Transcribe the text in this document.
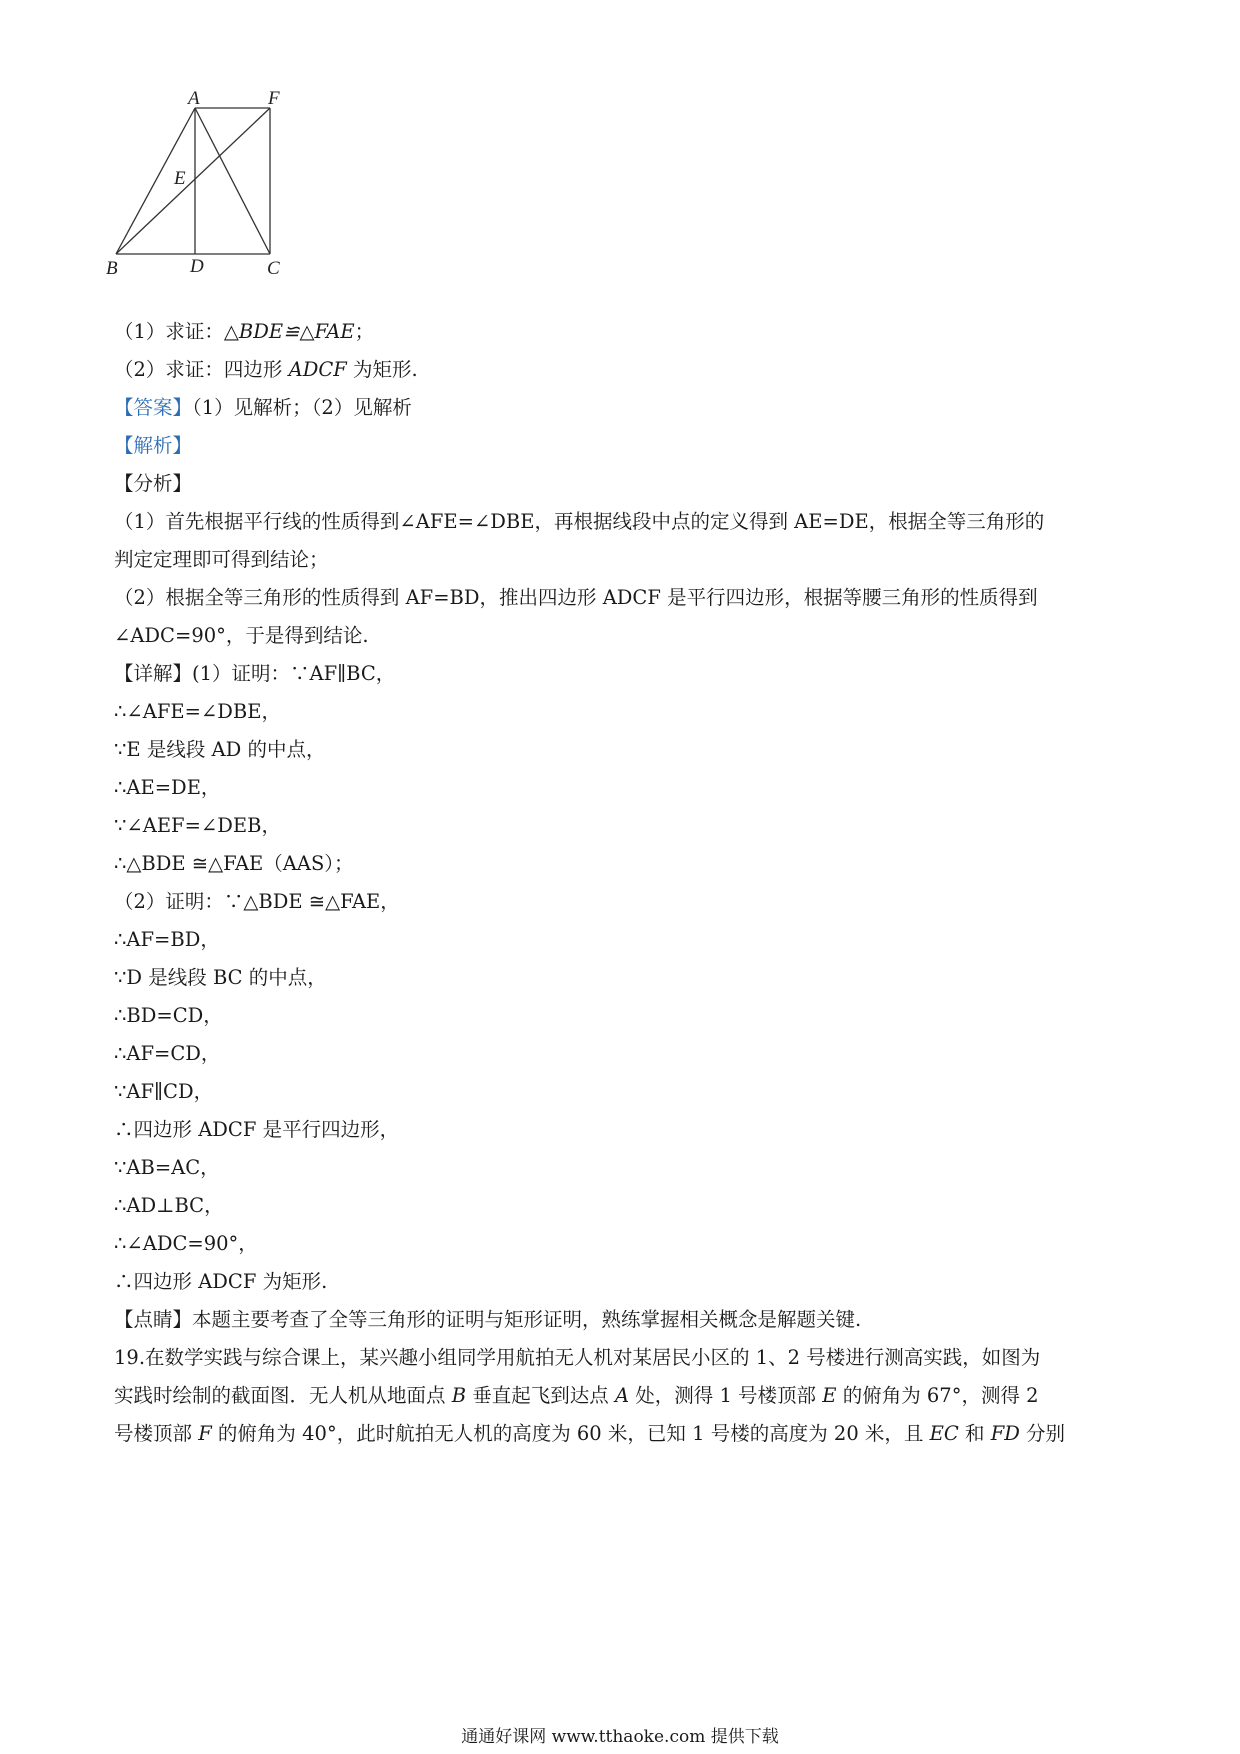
A	F
E
B	D	C
（1）求证：△BDE≌△FAE；
（2）求证：四边形 ADCF 为矩形.
【答案】（1）见解析；（2）见解析
【解析】
【分析】
（1）首先根据平行线的性质得到∠AFE=∠DBE，再根据线段中点的定义得到 AE=DE，根据全等三角形的
判定定理即可得到结论；
（2）根据全等三角形的性质得到 AF=BD，推出四边形 ADCF 是平行四边形，根据等腰三角形的性质得到
∠ADC=90°，于是得到结论.
【详解】(1）证明：∵AF∥BC，
∴∠AFE=∠DBE，
∵E 是线段 AD 的中点，
∴AE=DE，
∵∠AEF=∠DEB，
∴△BDE ≅△FAE（AAS）；
（2）证明：∵△BDE ≅△FAE，
∴AF=BD，
∵D 是线段 BC 的中点，
∴BD=CD，
∴AF=CD，
∵AF∥CD，
∴四边形 ADCF 是平行四边形，
∵AB=AC，
∴AD⊥BC，
∴∠ADC=90°，
∴四边形 ADCF 为矩形.
【点睛】本题主要考查了全等三角形的证明与矩形证明，熟练掌握相关概念是解题关键.
19.在数学实践与综合课上，某兴趣小组同学用航拍无人机对某居民小区的 1、2 号楼进行测高实践，如图为
实践时绘制的截面图．无人机从地面点 B 垂直起飞到达点 A 处，测得 1 号楼顶部 E 的俯角为 67°，测得 2
号楼顶部 F 的俯角为 40°，此时航拍无人机的高度为 60 米，已知 1 号楼的高度为 20 米，且 EC 和 FD 分别
通通好课网 www.tthaoke.com 提供下载
